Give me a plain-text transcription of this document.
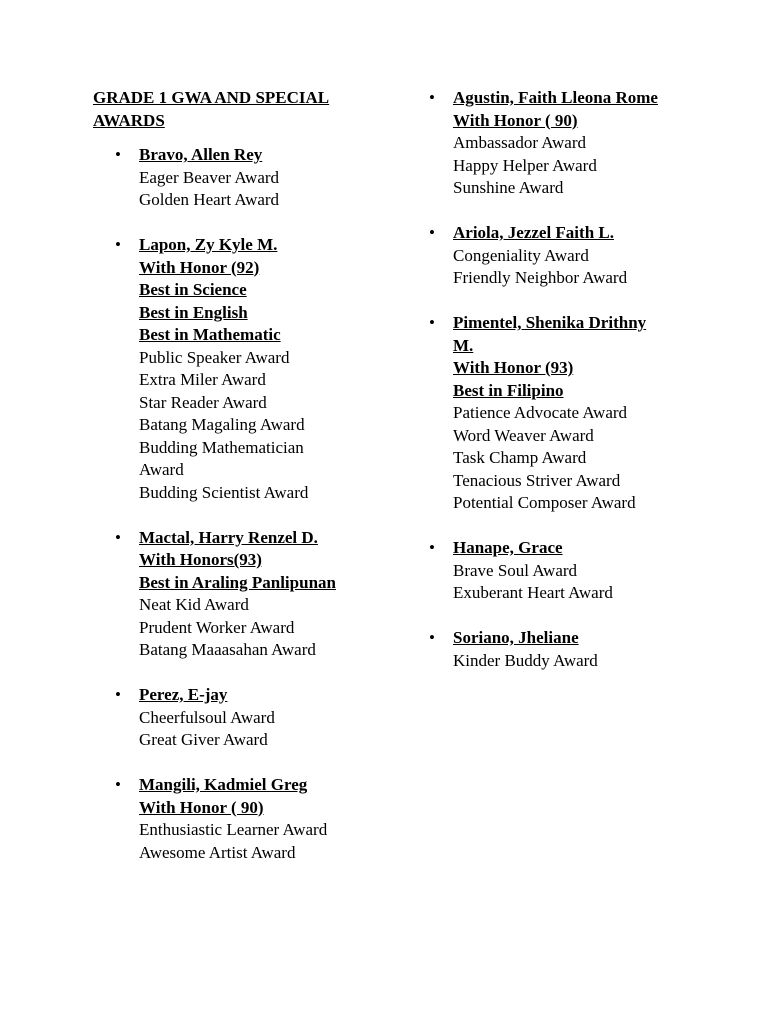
GRADE 1 GWA AND SPECIAL AWARDS
• Bravo, Allen Rey
Eager Beaver Award
Golden Heart Award
• Lapon, Zy Kyle M.
With Honor (92)
Best in Science
Best in English
Best in Mathematic
Public Speaker Award
Extra Miler Award
Star Reader Award
Batang Magaling Award
Budding Mathematician
Award
Budding Scientist Award
• Mactal, Harry Renzel D.
With Honors(93)
Best in Araling Panlipunan
Neat Kid Award
Prudent Worker Award
Batang Maaasahan Award
• Perez, E-jay
Cheerfulsoul Award
Great Giver Award
• Mangili, Kadmiel Greg
With Honor ( 90)
Enthusiastic Learner Award
Awesome Artist Award
• Agustin, Faith Lleona Rome
With Honor ( 90)
Ambassador Award
Happy Helper Award
Sunshine Award
• Ariola, Jezzel Faith L.
Congeniality Award
Friendly Neighbor Award
• Pimentel, Shenika Drithny
M.
With Honor (93)
Best in Filipino
Patience Advocate Award
Word Weaver Award
Task Champ Award
Tenacious Striver Award
Potential Composer Award
• Hanape, Grace
Brave Soul Award
Exuberant Heart Award
• Soriano, Jheliane
Kinder Buddy Award
